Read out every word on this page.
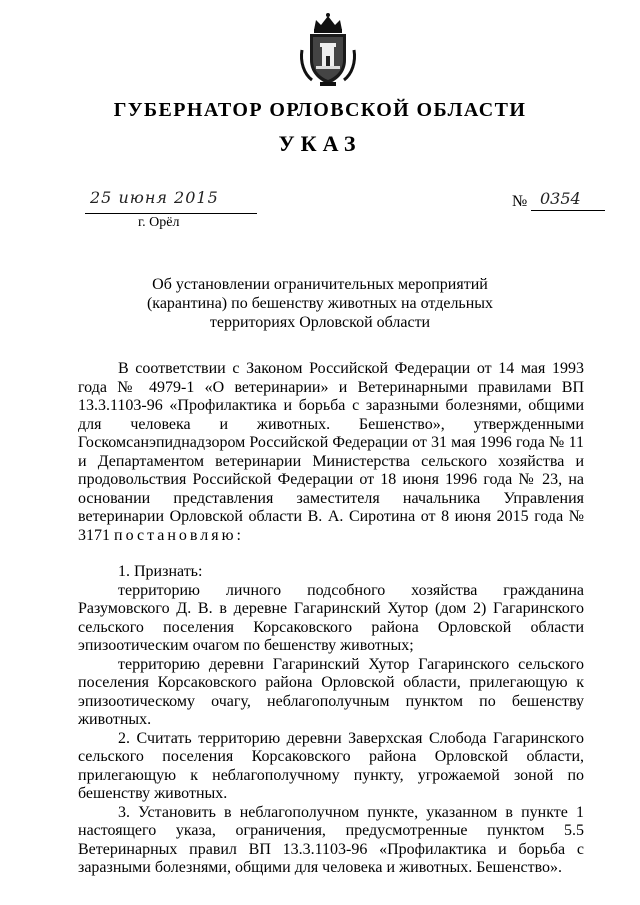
ГУБЕРНАТОР ОРЛОВСКОЙ ОБЛАСТИ
УКАЗ
25 июня 2015	№ 0354
г. Орёл
Об установлении ограничительных мероприятий
(карантина) по бешенству животных на отдельных
территориях Орловской области

В соответствии с Законом Российской Федерации от 14 мая 1993 года № 4979-1 «О ветеринарии» и Ветеринарными правилами ВП 13.3.1103-96 «Профилактика и борьба с заразными болезнями, общими для человека и животных. Бешенство», утвержденными Госкомсанэпиднадзором Российской Федерации от 31 мая 1996 года № 11 и Департаментом ветеринарии Министерства сельского хозяйства и продовольствия Российской Федерации от 18 июня 1996 года № 23, на основании представления заместителя начальника Управления ветеринарии Орловской области В. А. Сиротина от 8 июня 2015 года № 3171 постановляю:

1. Признать:

территорию личного подсобного хозяйства гражданина Разумовского Д. В. в деревне Гагаринский Хутор (дом 2) Гагаринского сельского поселения Корсаковского района Орловской области эпизоотическим очагом по бешенству животных;

территорию деревни Гагаринский Хутор Гагаринского сельского поселения Корсаковского района Орловской области, прилегающую к эпизоотическому очагу, неблагополучным пунктом по бешенству животных.

2. Считать территорию деревни Заверхская Слобода Гагаринского сельского поселения Корсаковского района Орловской области, прилегающую к неблагополучному пункту, угрожаемой зоной по бешенству животных.

3. Установить в неблагополучном пункте, указанном в пункте 1 настоящего указа, ограничения, предусмотренные пунктом 5.5 Ветеринарных правил ВП 13.3.1103-96 «Профилактика и борьба с заразными болезнями, общими для человека и животных. Бешенство».
